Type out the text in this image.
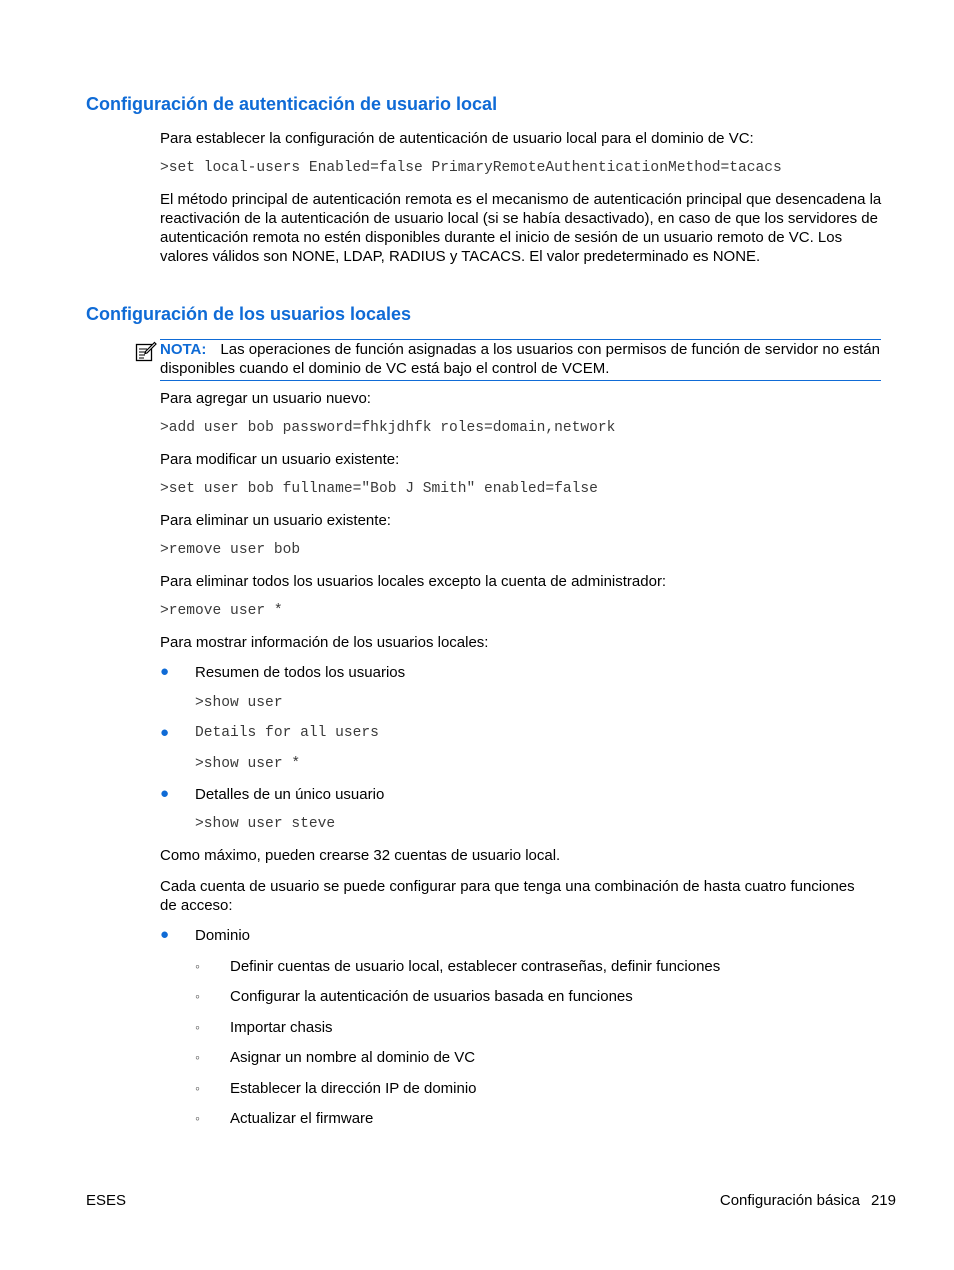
Configuración de autenticación de usuario local
Para establecer la configuración de autenticación de usuario local para el dominio de VC:
>set local-users Enabled=false PrimaryRemoteAuthenticationMethod=tacacs
El método principal de autenticación remota es el mecanismo de autenticación principal que desencadena la reactivación de la autenticación de usuario local (si se había desactivado), en caso de que los servidores de autenticación remota no estén disponibles durante el inicio de sesión de un usuario remoto de VC. Los valores válidos son NONE, LDAP, RADIUS y TACACS. El valor predeterminado es NONE.
Configuración de los usuarios locales
NOTA: Las operaciones de función asignadas a los usuarios con permisos de función de servidor no están disponibles cuando el dominio de VC está bajo el control de VCEM.
Para agregar un usuario nuevo:
>add user bob password=fhkjdhfk roles=domain,network
Para modificar un usuario existente:
>set user bob fullname="Bob J Smith" enabled=false
Para eliminar un usuario existente:
>remove user bob
Para eliminar todos los usuarios locales excepto la cuenta de administrador:
>remove user *
Para mostrar información de los usuarios locales:
● Resumen de todos los usuarios
>show user
● Details for all users
>show user *
● Detalles de un único usuario
>show user steve
Como máximo, pueden crearse 32 cuentas de usuario local.
Cada cuenta de usuario se puede configurar para que tenga una combinación de hasta cuatro funciones de acceso:
● Dominio
◦ Definir cuentas de usuario local, establecer contraseñas, definir funciones
◦ Configurar la autenticación de usuarios basada en funciones
◦ Importar chasis
◦ Asignar un nombre al dominio de VC
◦ Establecer la dirección IP de dominio
◦ Actualizar el firmware
ESES	Configuración básica 219
